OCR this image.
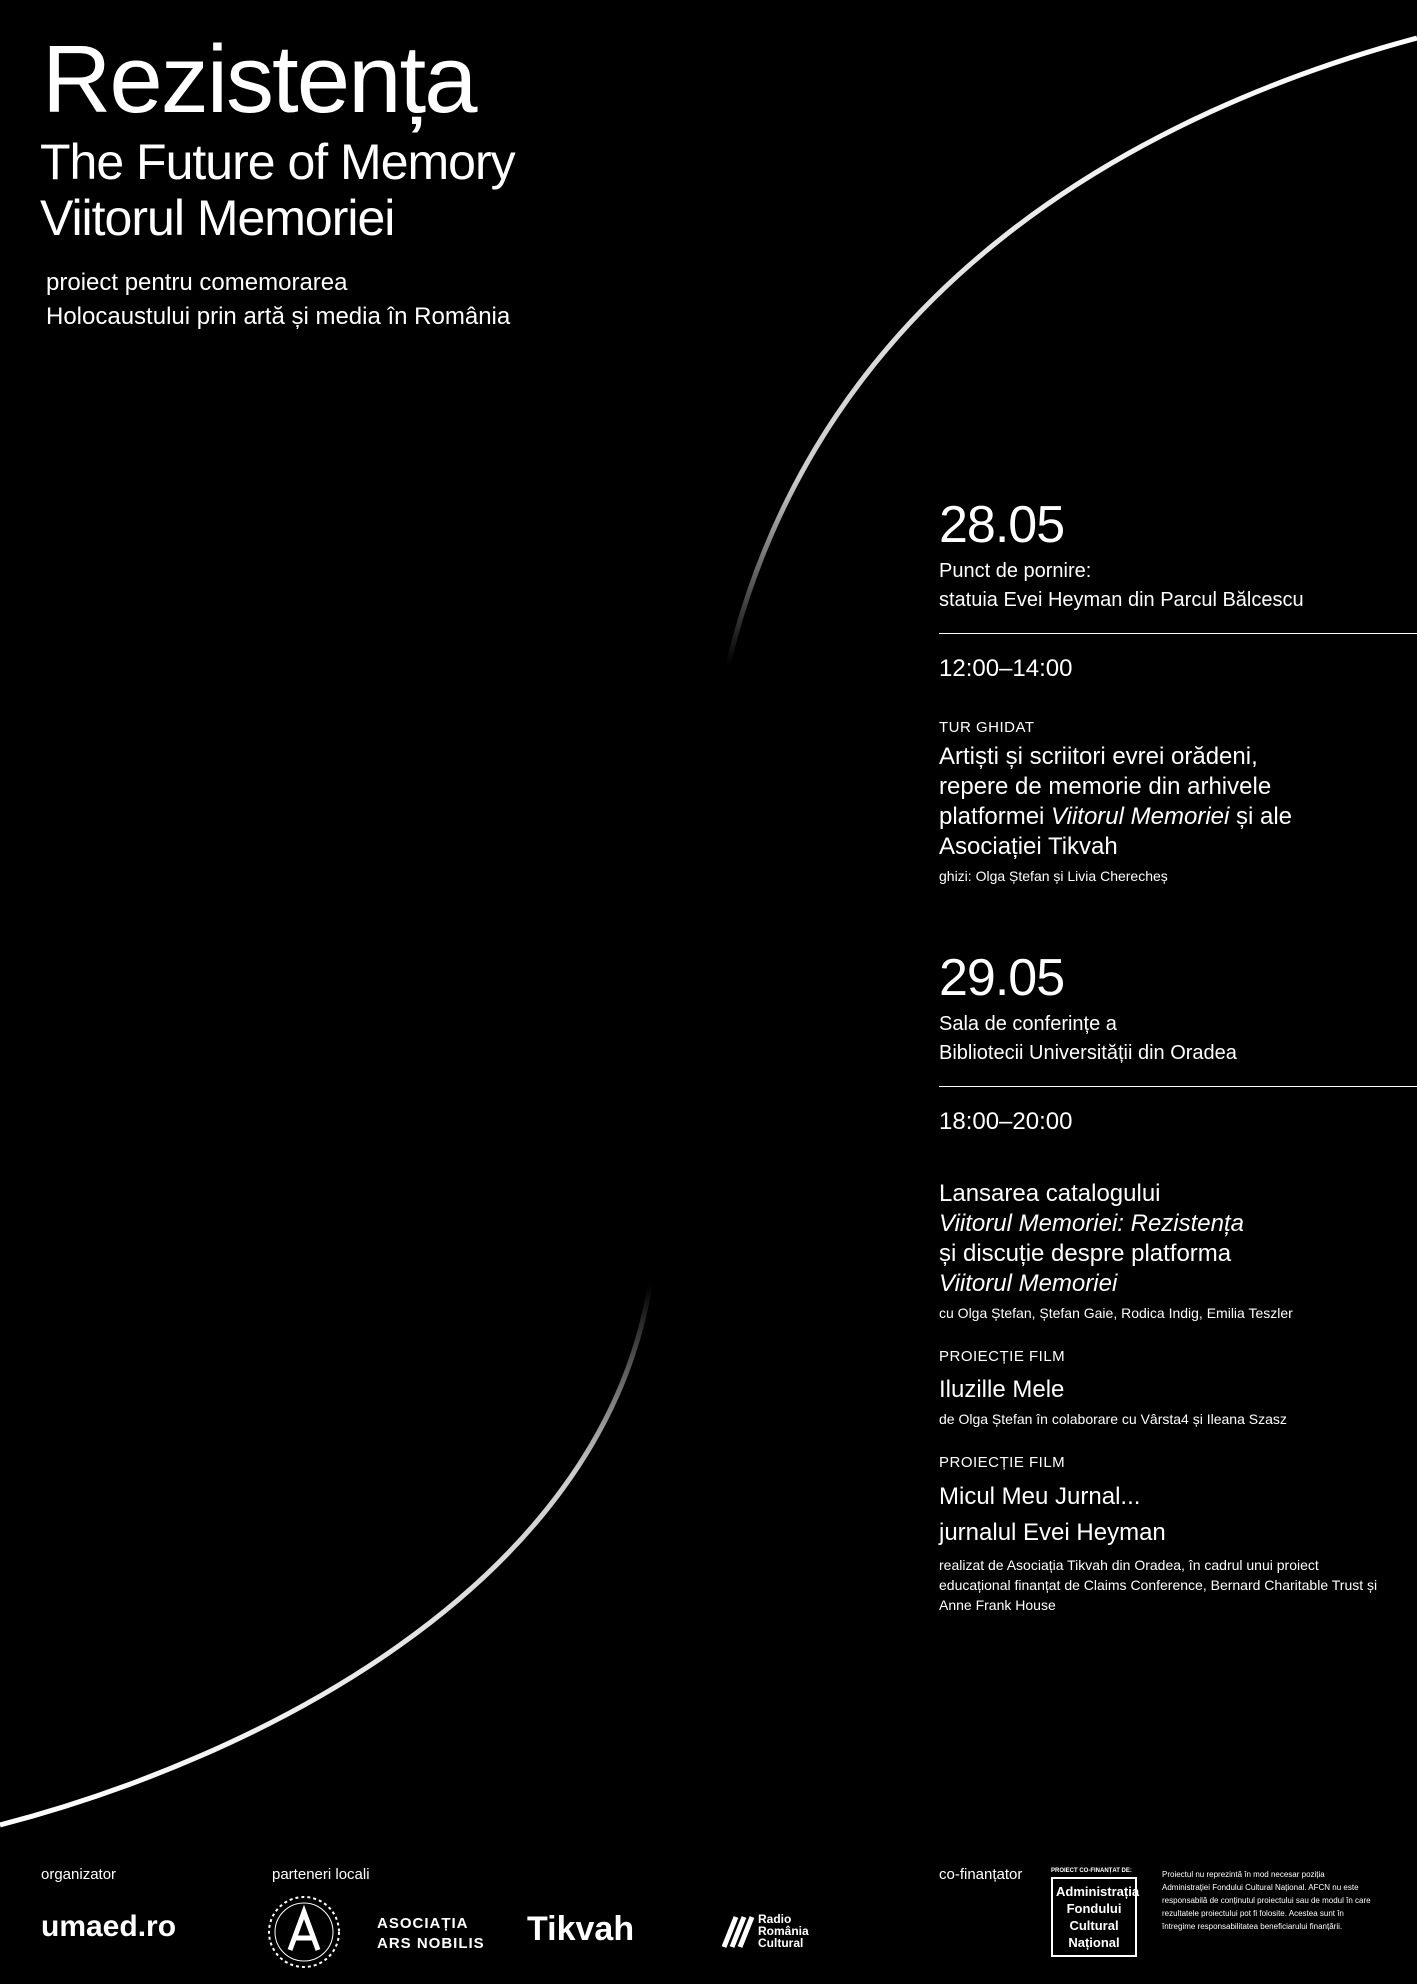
Rezistența
The Future of Memory
Viitorul Memoriei
proiect pentru comemorarea
Holocaustului prin artă și media în România
28.05
Punct de pornire:
statuia Evei Heyman din Parcul Bălcescu
12:00–14:00
TUR GHIDAT
Artiști și scriitori evrei orădeni,
repere de memorie din arhivele
platformei Viitorul Memoriei și ale
Asociației Tikvah
ghizi: Olga Ștefan și Livia Cherecheș
29.05
Sala de conferințe a
Bibliotecii Universității din Oradea
18:00–20:00
Lansarea catalogului
Viitorul Memoriei: Rezistența
și discuție despre platforma
Viitorul Memoriei
cu Olga Ștefan, Ștefan Gaie, Rodica Indig, Emilia Teszler
PROIECȚIE FILM
Iluzille Mele
de Olga Ștefan în colaborare cu Vârsta4 și Ileana Szasz
PROIECȚIE FILM
Micul Meu Jurnal...
jurnalul Evei Heyman
realizat de Asociația Tikvah din Oradea, în cadrul unui proiect educațional finanțat de Claims Conference, Bernard Charitable Trust și Anne Frank House
organizator
umaed.ro
parteneri locali
ASOCIAȚIA
ARS NOBILIS Tikvah	Radio
România
Cultural
co-finanțator	PROIECT CO-FINANȚAT DE:
Administrația
Fondului
Cultural
Național
Proiectul nu reprezintă în mod necesar poziția Administrației Fondului Cultural Național. AFCN nu este responsabilă de conținutul proiectului sau de modul în care rezultatele proiectului pot fi folosite. Acestea sunt în întregime responsabilitatea beneficiarului finanțării.
